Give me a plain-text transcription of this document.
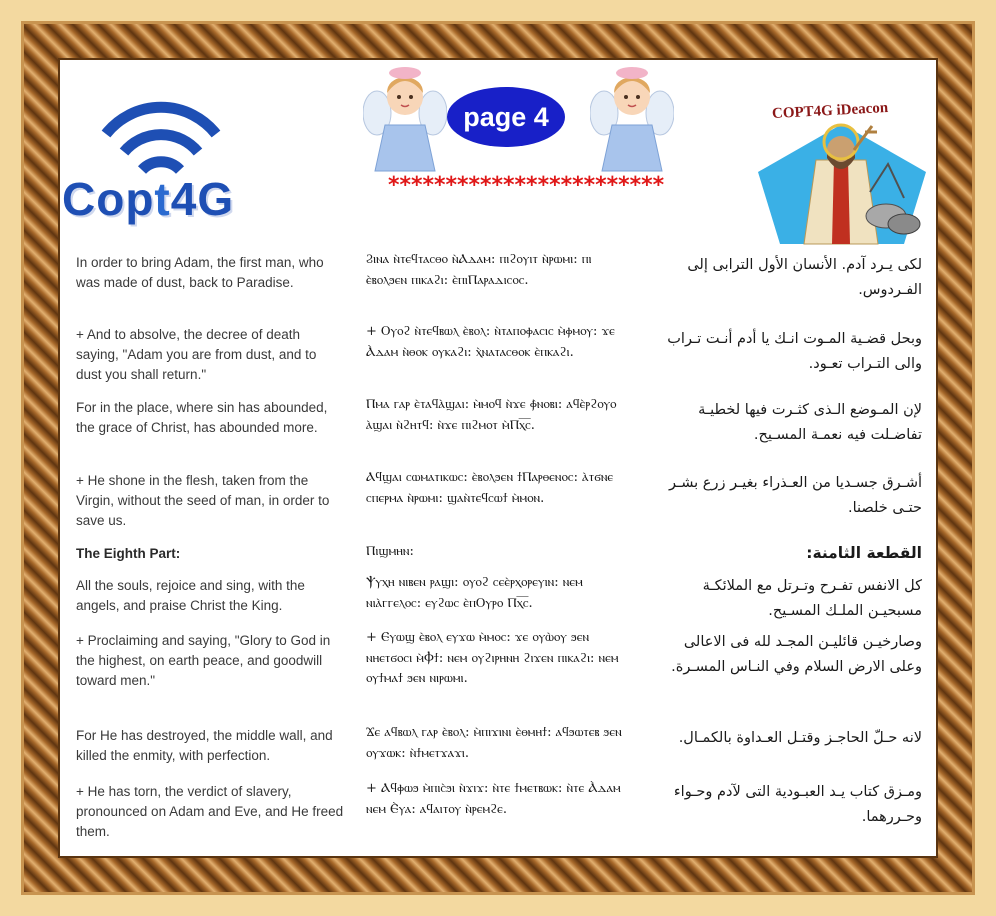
Copt4G
page 4
************************
COPT4G iDeacon
In order to bring Adam, the first man, who was made of dust, back to Paradise.
Ϩⲓⲛⲁ ⲛ̀ⲧⲉϥⲧⲁⲥⲑⲟ ⲛ̀Ⲁⲇⲁⲙ: ⲡⲓϩⲟⲩⲓⲧ ⲛ̀ⲣⲱⲙⲓ: ⲡⲓ ⲉ̀ⲃⲟⲗϧⲉⲛ ⲡⲓⲕⲁϩⲓ: ⲉ̀ⲡⲓⲠⲁⲣⲁⲇⲓⲥⲟⲥ.
لكى يـرد آدم. الأنسان الأول الترابى إلى الفـردوس.
+ And to absolve, the decree of death saying, "Adam you are from dust, and to dust you shall return."
+ Ⲟⲩⲟϩ ⲛ̀ⲧⲉϥⲃⲱⲗ ⲉ̀ⲃⲟⲗ: ⲛ̀ⲧⲁⲡⲟⲫⲁⲥⲓⲥ ⲙ̀ⲫⲙⲟⲩ: ϫⲉ Ⲁ̀ⲇⲁⲙ ⲛ̀ⲑⲟⲕ ⲟⲩⲕⲁϩⲓ: ⲭ̀ⲛⲁⲧⲁⲥⲑⲟⲕ ⲉ̀ⲡⲕⲁϩⲓ.
وبحل قضـية المـوت انـك يا أدم أنـت تـراب والى التـراب تعـود.
For in the place, where sin has abounded, the grace of Christ, has abounded more.
Ⲡⲙⲁ ⲅⲁⲣ ⲉ̀ⲧⲁϥⲁ̀ϣⲁⲓ: ⲙ̀ⲙⲟϥ ⲛ̀ϫⲉ ⲫ̀ⲛⲟⲃⲓ: ⲁϥⲉ̀ⲣϩⲟⲩⲟ ⲁ̀ϣⲁⲓ ⲛ̀ϩⲏⲧϥ: ⲛ̀ϫⲉ ⲡⲓϩⲙⲟⲧ ⲙ̀Ⲡⲭ̅ⲥ̅.
لإن المـوضع الـذى كثـرت فيها لخطيـة تفاضـلت فيه نعمـة المسـيح.
+ He shone in the flesh, taken from the Virgin, without the seed of man, in order to save us.
Ⲁϥϣⲁⲓ ⲥⲱⲙⲁⲧⲓⲕⲱⲥ: ⲉ̀ⲃⲟⲗϧⲉⲛ ϯⲠⲁⲣⲑⲉⲛⲟⲥ: ⲁ̀ⲧϭⲛⲉ ⲥⲡⲉⲣⲙⲁ ⲛ̀ⲣⲱⲙⲓ: ϣⲁⲛ̀ⲧⲉϥⲥⲱϯ ⲙ̀ⲙⲟⲛ.
أشـرق جسـديا من العـذراء بغيـر زرع بشـر حتـى خلصنا.
The Eighth Part:	Ⲡⲓϣⲙⲏⲛ:	القطعة الثامنة:
All the souls, rejoice and sing, with the angels, and praise Christ the King.
Ⲯⲩⲭⲏ ⲛⲓⲃⲉⲛ ⲣⲁϣⲓ: ⲟⲩⲟϩ ⲥⲉⲉ̀ⲣⲭⲟⲣⲉⲩⲓⲛ: ⲛⲉⲙ ⲛⲓⲁ̀ⲅⲅⲉⲗⲟⲥ: ⲉⲩϩⲱⲥ ⲉ̀ⲡⲞⲩⲣⲟ Ⲡⲭ̅ⲥ̅.
كل الانفس تفـرح وتـرتل مع الملائكـة مسبحيـن الملـك المسـيح.
+ Proclaiming and saying, "Glory to God in the highest, on earth peace, and goodwill toward men."
+ Ⲉⲩⲱϣ ⲉ̀ⲃⲟⲗ ⲉⲩϫⲱ ⲙ̀ⲙⲟⲥ: ϫⲉ ⲟⲩⲱ̀ⲟⲩ ϧⲉⲛ ⲛⲏⲉⲧϭⲟⲥⲓ ⲙ̀Ⲫϯ: ⲛⲉⲙ ⲟⲩϩⲓⲣⲏⲛⲏ ϩⲓϫⲉⲛ ⲡⲓⲕⲁϩⲓ: ⲛⲉⲙ ⲟⲩϯⲙⲁϯ ϧⲉⲛ ⲛⲓⲣⲱⲙⲓ.
وصارخيـن قائليـن المجـد لله فى الاعالى وعلى الارض السلام وفي النـاس المسـرة.
For He has destroyed, the middle wall, and killed the enmity, with perfection.
Ϫⲉ ⲁϥⲃⲱⲗ ⲅⲁⲣ ⲉ̀ⲃⲟⲗ: ⲙ̀ⲡⲓϫⲓⲛⲓ ⲉ̀ⲑⲙⲏϯ: ⲁϥϧⲱⲧⲉⲃ ϧⲉⲛ ⲟⲩϫⲱⲕ: ⲛ̀ϯⲙⲉⲧϫⲁϫⲓ.
لانه حـلّ الحاجـز وقتـل العـداوة بالكمـال.
+ He has torn, the verdict of slavery, pronounced on Adam and Eve, and He freed them.
+ Ⲁϥⲫⲱϧ ⲙ̀ⲡⲓⲥ̀ϧⲓ ⲛ̀ϫⲓϫ: ⲛ̀ⲧⲉ ϯⲙⲉⲧⲃⲱⲕ: ⲛ̀ⲧⲉ Ⲁ̀ⲇⲁⲙ ⲛⲉⲙ Ⲉ̀ⲩⲁ: ⲁϥⲁⲓⲧⲟⲩ ⲛ̀ⲣⲉⲙϩⲉ.
ومـزق كتاب يـد العبـودية التى لآدم وحـواء وحـررهما.
